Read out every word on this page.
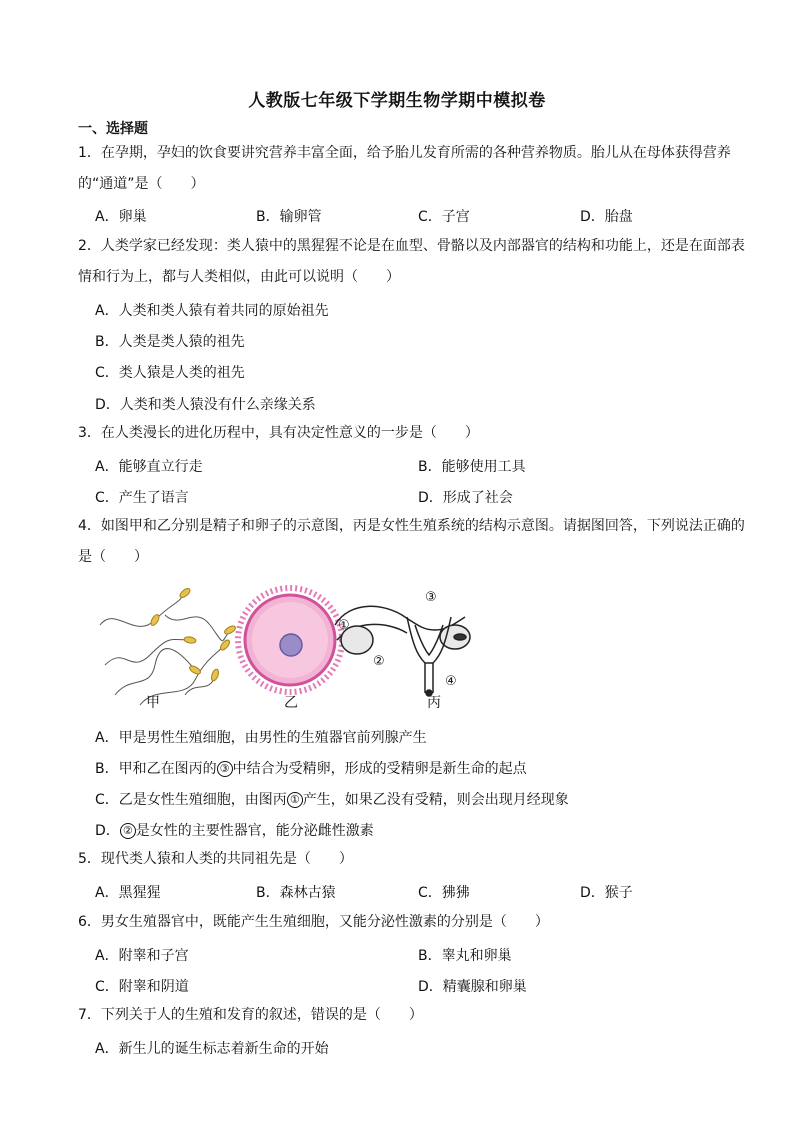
人教版七年级下学期生物学期中模拟卷
一、选择题
1．在孕期，孕妇的饮食要讲究营养丰富全面，给予胎儿发育所需的各种营养物质。胎儿从在母体获得营养的“通道”是（　　）
A．卵巢	B．输卵管	C．子宫	D．胎盘
2．人类学家已经发现：类人猿中的黑猩猩不论是在血型、骨骼以及内部器官的结构和功能上，还是在面部表情和行为上，都与人类相似，由此可以说明（　　）
A．人类和类人猿有着共同的原始祖先
B．人类是类人猿的祖先
C．类人猿是人类的祖先
D．人类和类人猿没有什么亲缘关系
3．在人类漫长的进化历程中，具有决定性意义的一步是（　　）
A．能够直立行走	B．能够使用工具
C．产生了语言	D．形成了社会
4．如图甲和乙分别是精子和卵子的示意图，丙是女性生殖系统的结构示意图。请据图回答，下列说法正确的是（　　）
①
②
③
④
甲	乙	丙
A．甲是男性生殖细胞，由男性的生殖器官前列腺产生
B．甲和乙在图丙的 ③ 中结合为受精卵，形成的受精卵是新生命的起点
C．乙是女性生殖细胞，由图丙 ① 产生，如果乙没有受精，则会出现月经现象
D． ② 是女性的主要性器官，能分泌雌性激素
5．现代类人猿和人类的共同祖先是（　　）
A．黑猩猩	B．森林古猿	C．狒狒	D．猴子
6．男女生殖器官中，既能产生生殖细胞，又能分泌性激素的分别是（　　）
A．附睾和子宫	B．睾丸和卵巢
C．附睾和阴道	D．精囊腺和卵巢
7．下列关于人的生殖和发育的叙述，错误的是（　　）
A．新生儿的诞生标志着新生命的开始
